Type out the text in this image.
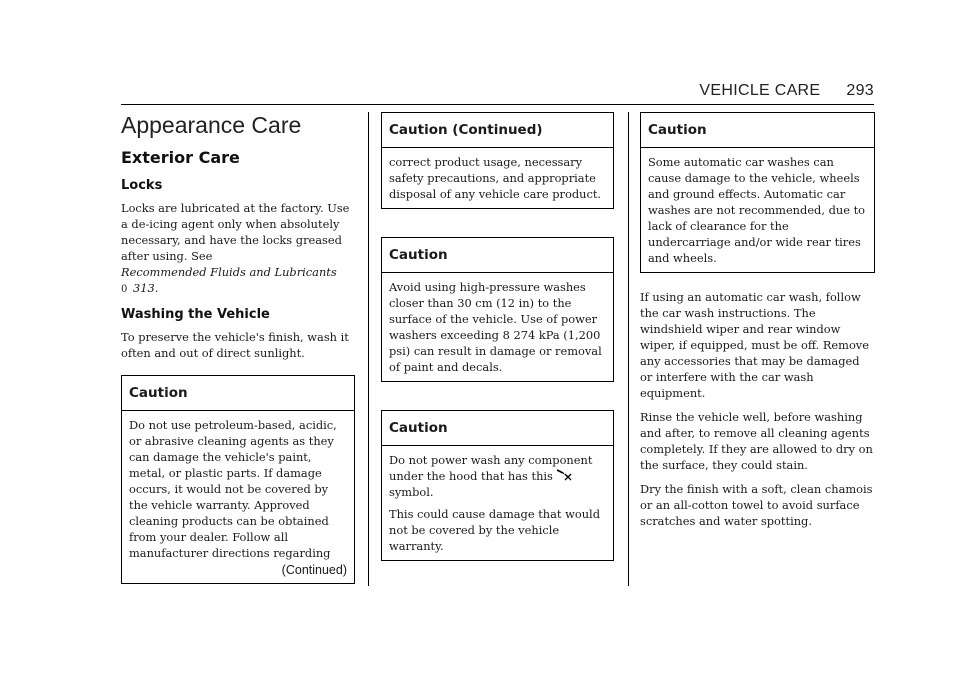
VEHICLE CARE 293
Appearance Care
Exterior Care
Locks

Locks are lubricated at the factory. Use a de-icing agent only when absolutely necessary, and have the locks greased after using. See

Recommended Fluids and Lubricants
0 313.

Washing the Vehicle

To preserve the vehicle's finish, wash it often and out of direct sunlight.

Caution

Do not use petroleum-based, acidic, or abrasive cleaning agents as they can damage the vehicle's paint, metal, or plastic parts. If damage occurs, it would not be covered by the vehicle warranty. Approved cleaning products can be obtained from your dealer. Follow all manufacturer directions regarding

(Continued)
Caution (Continued)

correct product usage, necessary safety precautions, and appropriate disposal of any vehicle care product.

Caution

Avoid using high-pressure washes closer than 30 cm (12 in) to the surface of the vehicle. Use of power washers exceeding 8 274 kPa (1,200 psi) can result in damage or removal of paint and decals.

Caution

Do not power wash any component under the hood that has this
symbol.

This could cause damage that would not be covered by the vehicle warranty.

Caution

Some automatic car washes can cause damage to the vehicle, wheels and ground effects. Automatic car washes are not recommended, due to lack of clearance for the undercarriage and/or wide rear tires and wheels.

If using an automatic car wash, follow the car wash instructions. The windshield wiper and rear window wiper, if equipped, must be off. Remove any accessories that may be damaged or interfere with the car wash equipment.

Rinse the vehicle well, before washing and after, to remove all cleaning agents completely. If they are allowed to dry on the surface, they could stain.

Dry the finish with a soft, clean chamois or an all-cotton towel to avoid surface scratches and water spotting.
